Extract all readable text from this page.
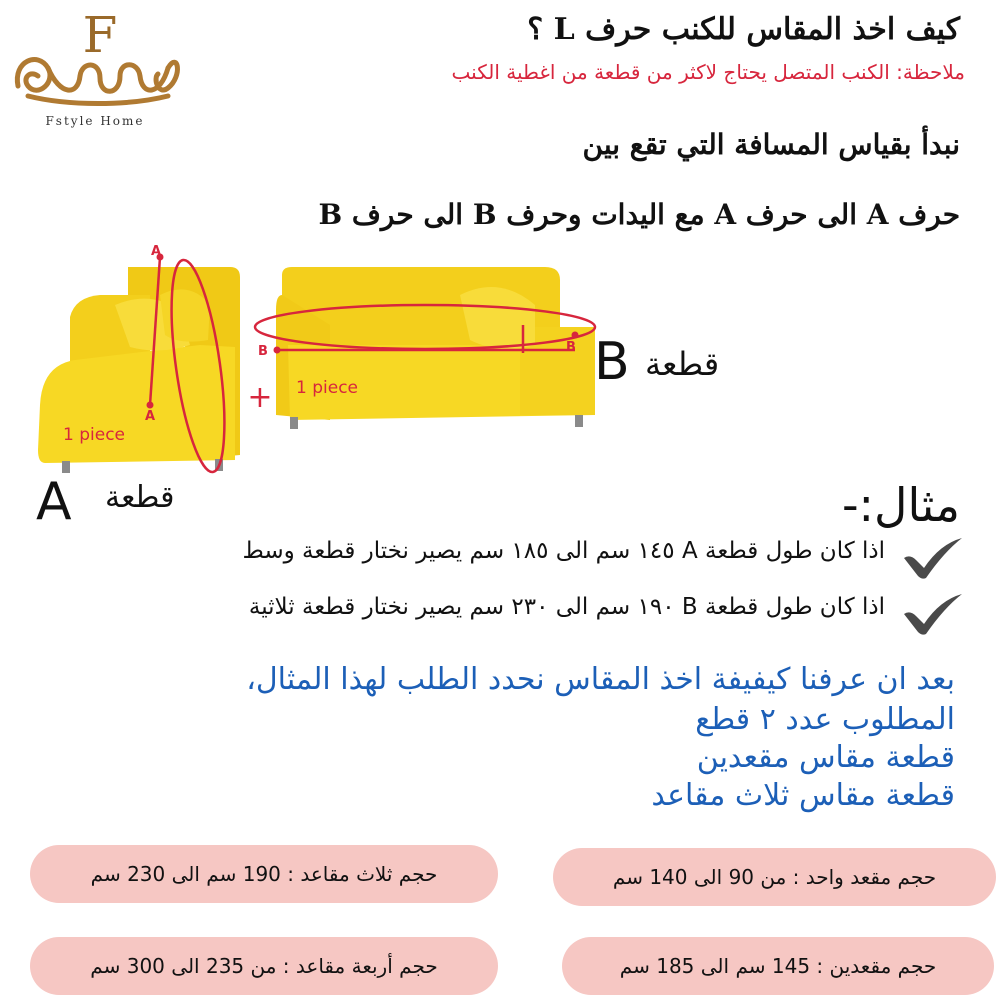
F
Fstyle Home
كيف اخذ المقاس للكنب حرف L ؟
ملاحظة: الكنب المتصل يحتاج لاكثر من قطعة من اغطية الكنب
نبدأ بقياس المسافة التي تقع بين
حرف A الى حرف A مع اليدات وحرف B الى حرف B
A
A
B	B
1 piece
1 piece
+
قطعة
B
قطعة
A	مثال:-
اذا كان طول قطعة A ١٤٥ سم الى ١٨٥ سم يصير نختار قطعة وسط
اذا كان طول قطعة B ١٩٠ سم الى ٢٣٠ سم يصير نختار قطعة ثلاثية
بعد ان عرفنا كيفيفة اخذ المقاس نحدد الطلب لهذا المثال،
المطلوب عدد ٢ قطع
قطعة مقاس مقعدين
قطعة مقاس ثلاث مقاعد
حجم مقعد واحد : من 90 الى 140 سم
حجم ثلاث مقاعد : 190 سم الى 230 سم
حجم مقعدين : 145 سم الى 185 سم
حجم أربعة مقاعد : من 235 الى 300 سم
